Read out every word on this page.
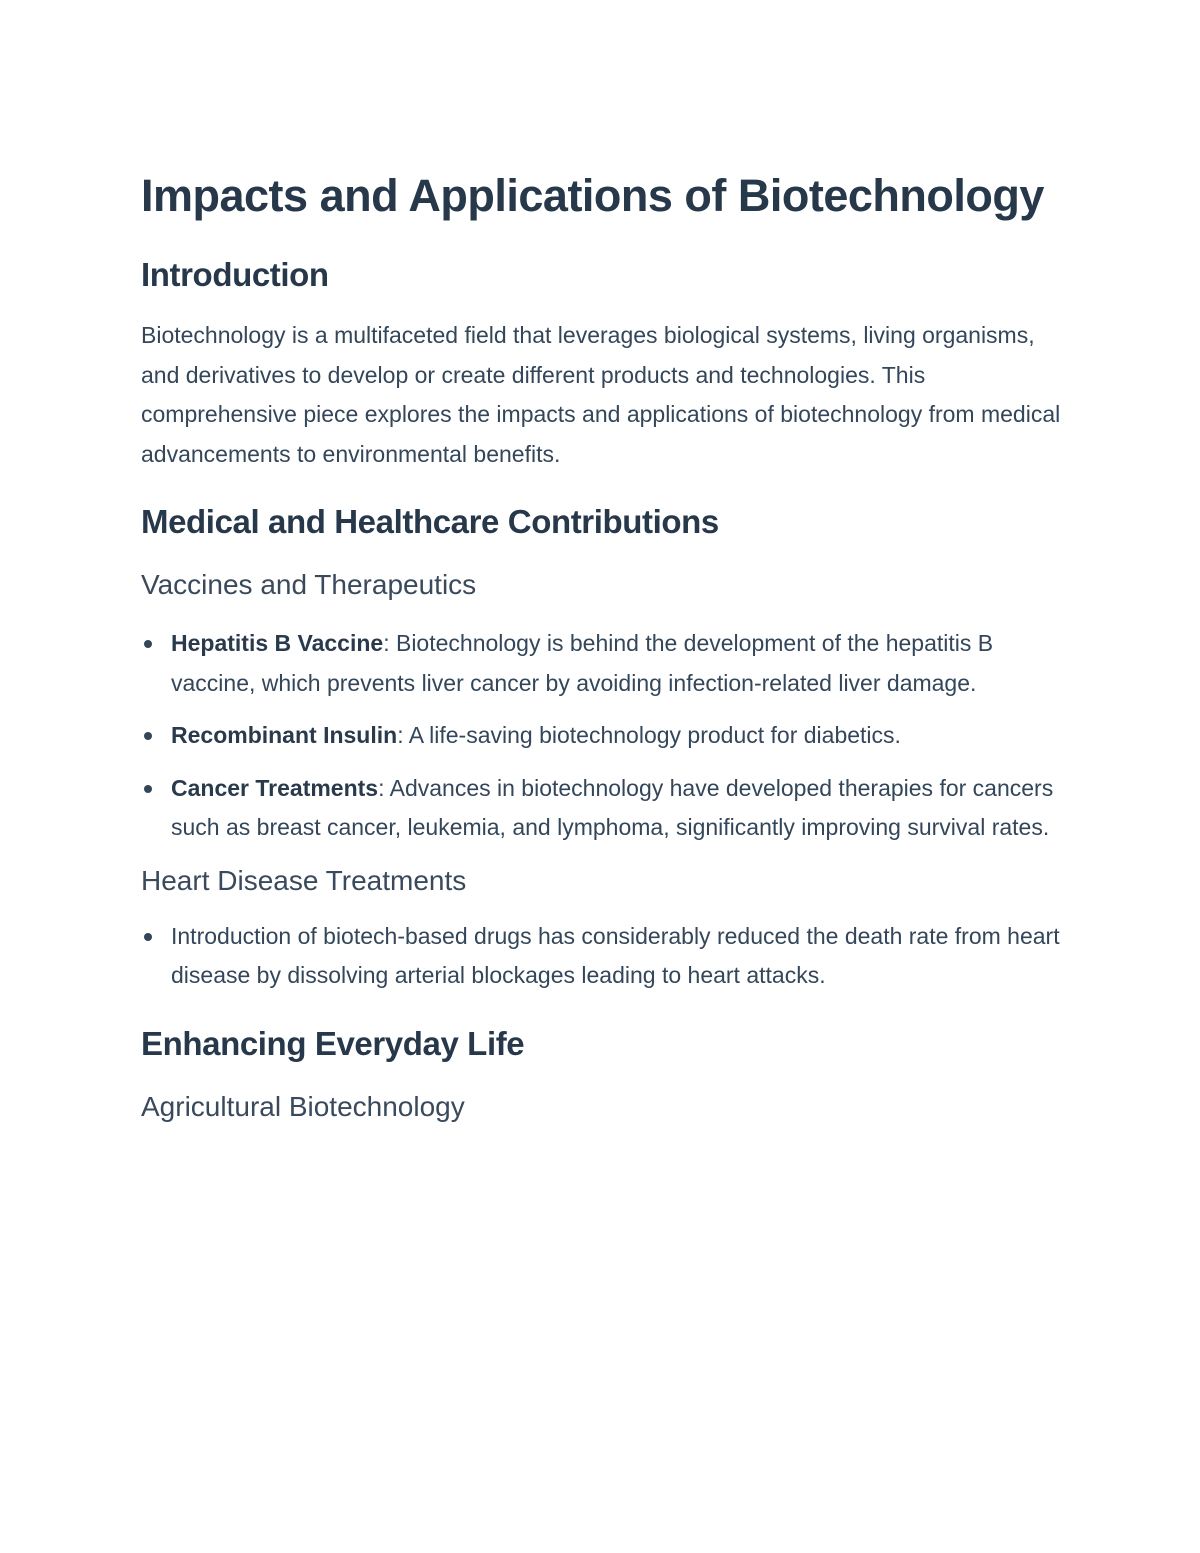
Impacts and Applications of Biotechnology
Introduction

Biotechnology is a multifaceted field that leverages biological systems, living organisms, and derivatives to develop or create different products and technologies. This comprehensive piece explores the impacts and applications of biotechnology from medical advancements to environmental benefits.

Medical and Healthcare Contributions
Vaccines and Therapeutics
Hepatitis B Vaccine: Biotechnology is behind the development of the hepatitis B vaccine, which prevents liver cancer by avoiding infection-related liver damage.
Recombinant Insulin: A life-saving biotechnology product for diabetics.
Cancer Treatments: Advances in biotechnology have developed therapies for cancers such as breast cancer, leukemia, and lymphoma, significantly improving survival rates.
Heart Disease Treatments
Introduction of biotech-based drugs has considerably reduced the death rate from heart disease by dissolving arterial blockages leading to heart attacks.
Enhancing Everyday Life
Agricultural Biotechnology
